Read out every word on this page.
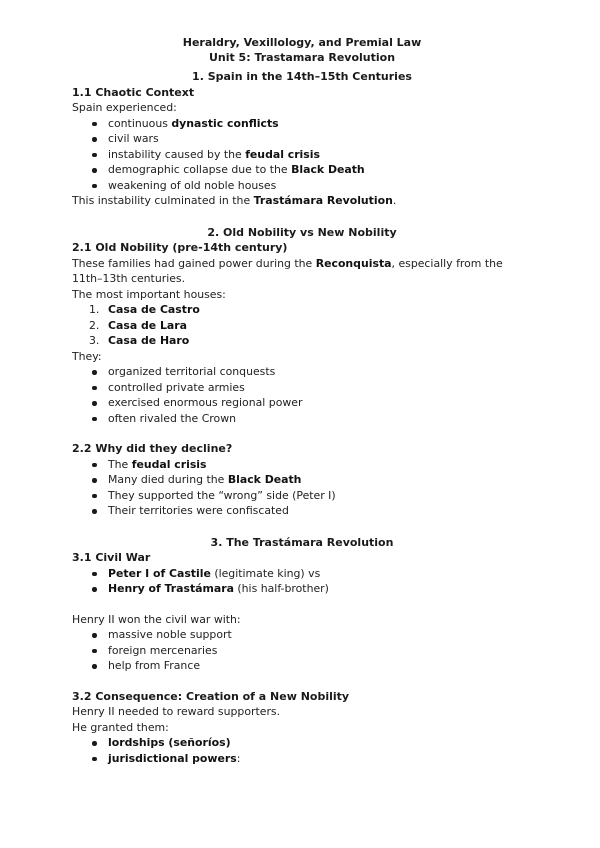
Heraldry, Vexillology, and Premial Law

Unit 5: Trastamara Revolution

1. Spain in the 14th–15th Centuries

1.1 Chaotic Context

Spain experienced:

continuous dynastic conflicts
civil wars
instability caused by the feudal crisis
demographic collapse due to the Black Death
weakening of old noble houses

This instability culminated in the Trastámara Revolution.

2. Old Nobility vs New Nobility

2.1 Old Nobility (pre-14th century)

These families had gained power during the Reconquista, especially from the 11th–13th centuries.

The most important houses:

1. Casa de Castro
2. Casa de Lara
3. Casa de Haro

They:

organized territorial conquests
controlled private armies
exercised enormous regional power
often rivaled the Crown

2.2 Why did they decline?

The feudal crisis
Many died during the Black Death
They supported the “wrong” side (Peter I)
Their territories were confiscated

3. The Trastámara Revolution

3.1 Civil War

Peter I of Castile (legitimate king) vs
Henry of Trastámara (his half-brother)

Henry II won the civil war with:

massive noble support
foreign mercenaries
help from France

3.2 Consequence: Creation of a New Nobility

Henry II needed to reward supporters.

He granted them:

lordships (señoríos)
jurisdictional powers:
